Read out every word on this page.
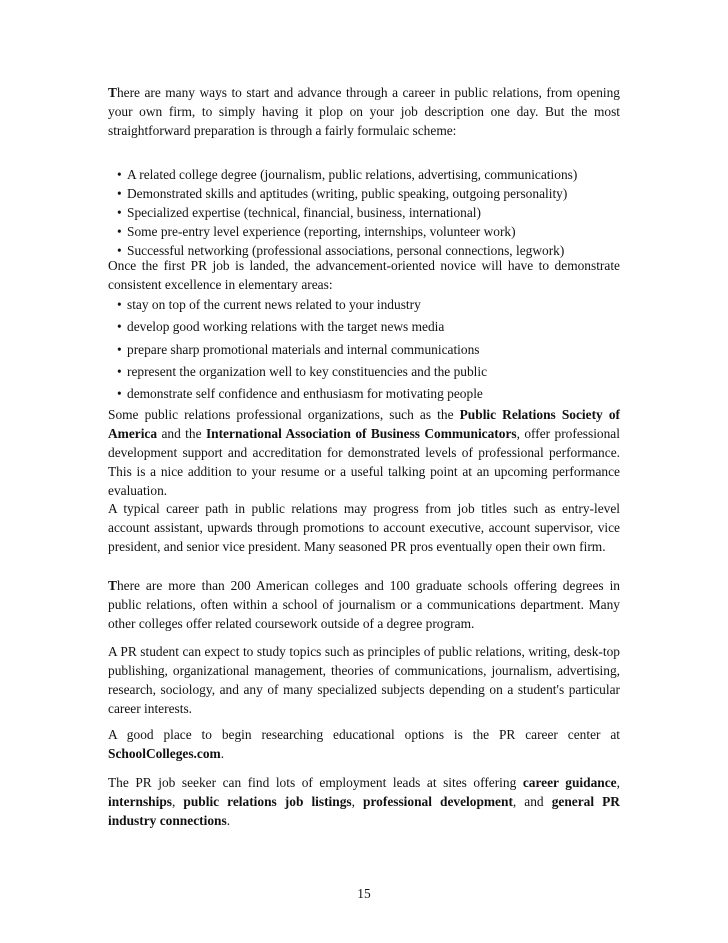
There are many ways to start and advance through a career in public relations, from opening your own firm, to simply having it plop on your job description one day. But the most straightforward preparation is through a fairly formulaic scheme:

• A related college degree (journalism, public relations, advertising, communications)
• Demonstrated skills and aptitudes (writing, public speaking, outgoing personality)
• Specialized expertise (technical, financial, business, international)
• Some pre-entry level experience (reporting, internships, volunteer work)
• Successful networking (professional associations, personal connections, legwork)

Once the first PR job is landed, the advancement-oriented novice will have to demonstrate consistent excellence in elementary areas:

• stay on top of the current news related to your industry
• develop good working relations with the target news media
• prepare sharp promotional materials and internal communications
• represent the organization well to key constituencies and the public
• demonstrate self confidence and enthusiasm for motivating people

Some public relations professional organizations, such as the Public Relations Society of America and the International Association of Business Communicators, offer professional development support and accreditation for demonstrated levels of professional performance. This is a nice addition to your resume or a useful talking point at an upcoming performance evaluation.

A typical career path in public relations may progress from job titles such as entry-level account assistant, upwards through promotions to account executive, account supervisor, vice president, and senior vice president. Many seasoned PR pros eventually open their own firm.

There are more than 200 American colleges and 100 graduate schools offering degrees in public relations, often within a school of journalism or a communications department. Many other colleges offer related coursework outside of a degree program.

A PR student can expect to study topics such as principles of public relations, writing, desk-top publishing, organizational management, theories of communications, journalism, advertising, research, sociology, and any of many specialized subjects depending on a student's particular career interests.

A good place to begin researching educational options is the PR career center at SchoolColleges.com.

The PR job seeker can find lots of employment leads at sites offering career guidance, internships, public relations job listings, professional development, and general PR industry connections.

15
